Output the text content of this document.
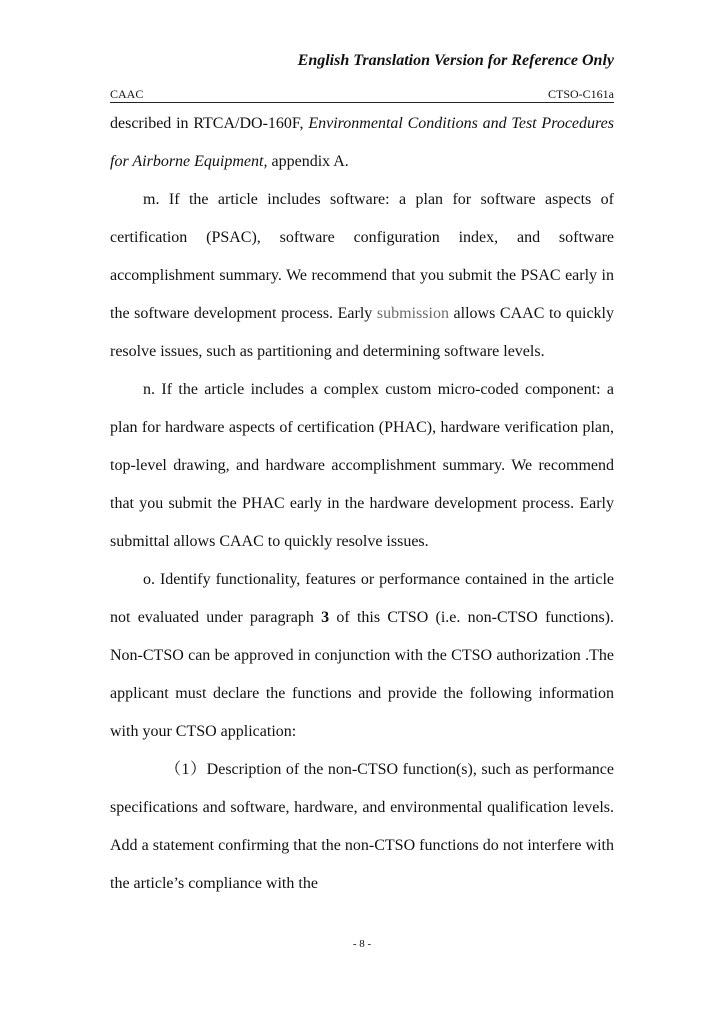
English Translation Version for Reference Only
CAAC	CTSO-C161a

described in RTCA/DO-160F, Environmental Conditions and Test Procedures for Airborne Equipment, appendix A.

m. If the article includes software: a plan for software aspects of certification (PSAC), software configuration index, and software accomplishment summary. We recommend that you submit the PSAC early in the software development process. Early submission allows CAAC to quickly resolve issues, such as partitioning and determining software levels.

n. If the article includes a complex custom micro-coded component: a plan for hardware aspects of certification (PHAC), hardware verification plan, top-level drawing, and hardware accomplishment summary. We recommend that you submit the PHAC early in the hardware development process. Early submittal allows CAAC to quickly resolve issues.

o. Identify functionality, features or performance contained in the article not evaluated under paragraph 3 of this CTSO (i.e. non-CTSO functions). Non-CTSO can be approved in conjunction with the CTSO authorization .The applicant must declare the functions and provide the following information with your CTSO application:

（1）Description of the non-CTSO function(s), such as performance specifications and software, hardware, and environmental qualification levels. Add a statement confirming that the non-CTSO functions do not interfere with the article’s compliance with the

- 8 -
